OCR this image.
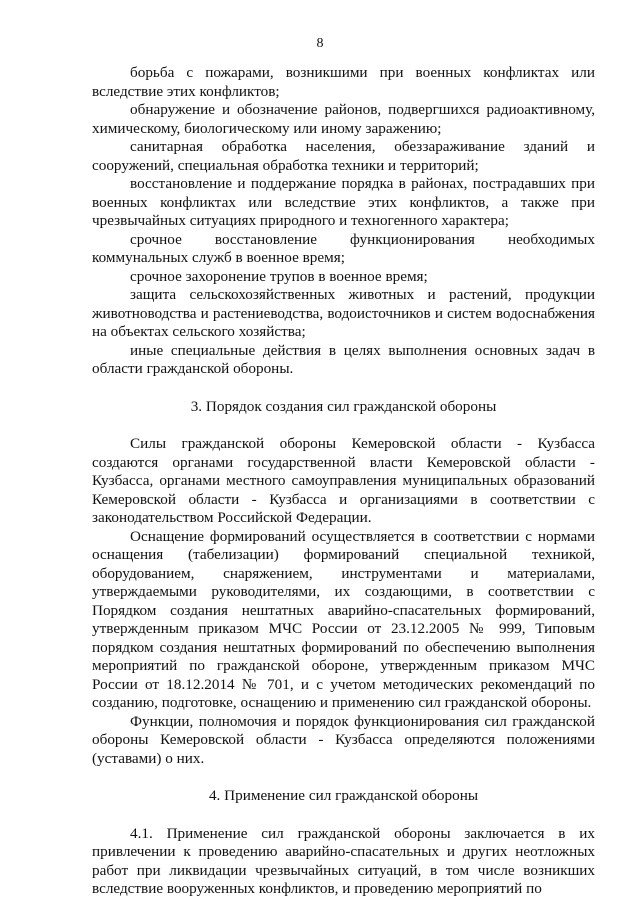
8

борьба с пожарами, возникшими при военных конфликтах или вследствие этих конфликтов;

обнаружение и обозначение районов, подвергшихся радиоактивному, химическому, биологическому или иному заражению;

санитарная обработка населения, обеззараживание зданий и сооружений, специальная обработка техники и территорий;

восстановление и поддержание порядка в районах, пострадавших при военных конфликтах или вследствие этих конфликтов, а также при чрезвычайных ситуациях природного и техногенного характера;

срочное восстановление функционирования необходимых коммунальных служб в военное время;

срочное захоронение трупов в военное время;

защита сельскохозяйственных животных и растений, продукции животноводства и растениеводства, водоисточников и систем водоснабжения на объектах сельского хозяйства;

иные специальные действия в целях выполнения основных задач в области гражданской обороны.

3. Порядок создания сил гражданской обороны

Силы гражданской обороны Кемеровской области - Кузбасса создаются органами государственной власти Кемеровской области - Кузбасса, органами местного самоуправления муниципальных образований Кемеровской области - Кузбасса и организациями в соответствии с законодательством Российской Федерации.

Оснащение формирований осуществляется в соответствии с нормами оснащения (табелизации) формирований специальной техникой, оборудованием, снаряжением, инструментами и материалами, утверждаемыми руководителями, их создающими, в соответствии с Порядком создания нештатных аварийно-спасательных формирований, утвержденным приказом МЧС России от 23.12.2005 № 999, Типовым порядком создания нештатных формирований по обеспечению выполнения мероприятий по гражданской обороне, утвержденным приказом МЧС России от 18.12.2014 № 701, и с учетом методических рекомендаций по созданию, подготовке, оснащению и применению сил гражданской обороны.

Функции, полномочия и порядок функционирования сил гражданской обороны Кемеровской области - Кузбасса определяются положениями (уставами) о них.

4. Применение сил гражданской обороны

4.1. Применение сил гражданской обороны заключается в их привлечении к проведению аварийно-спасательных и других неотложных работ при ликвидации чрезвычайных ситуаций, в том числе возникших вследствие вооруженных конфликтов, и проведению мероприятий по
